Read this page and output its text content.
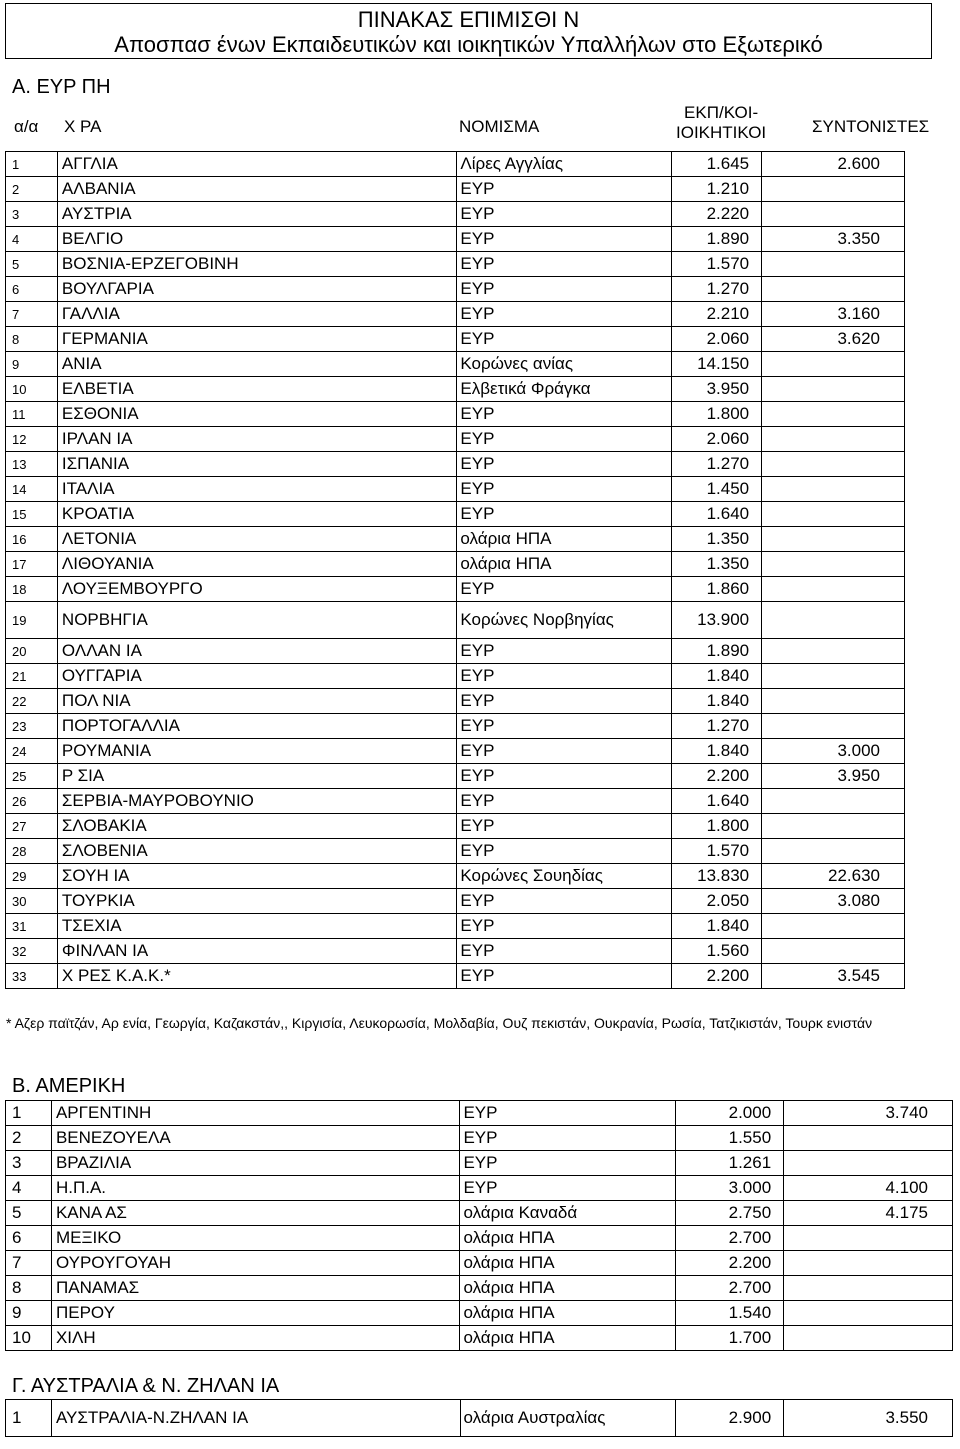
ΠΙΝΑΚΑΣ ΕΠΙΜΙΣΘΙ Ν
Αποσπασ ένων Εκπαιδευτικών και ιοικητικών Υπαλλήλων στο Εξωτερικό
Α. ΕΥΡ ΠΗ
α/α Χ ΡΑ	ΝΟΜΙΣΜΑ
ΕΚΠ/ΚΟΙ-
ΙΟΙΚΗΤΙΚΟΙ	ΣΥΝΤΟΝΙΣΤΕΣ
1	ΑΓΓΛΙΑ	Λίρες Αγγλίας	1.645	2.600
2	ΑΛΒΑΝΙΑ	ΕΥΡ	1.210	
3	ΑΥΣΤΡΙΑ	ΕΥΡ	2.220	
4	ΒΕΛΓΙΟ	ΕΥΡ	1.890	3.350
5	ΒΟΣΝΙΑ-ΕΡΖΕΓΟΒΙΝΗ	ΕΥΡ	1.570	
6	ΒΟΥΛΓΑΡΙΑ	ΕΥΡ	1.270	
7	ΓΑΛΛΙΑ	ΕΥΡ	2.210	3.160
8	ΓΕΡΜΑΝΙΑ	ΕΥΡ	2.060	3.620
9	ΑΝΙΑ	Κορώνες ανίας	14.150	
10	ΕΛΒΕΤΙΑ	Ελβετικά Φράγκα	3.950	
11	ΕΣΘΟΝΙΑ	ΕΥΡ	1.800	
12	ΙΡΛΑΝ ΙΑ	ΕΥΡ	2.060	
13	ΙΣΠΑΝΙΑ	ΕΥΡ	1.270	
14	ΙΤΑΛΙΑ	ΕΥΡ	1.450	
15	ΚΡΟΑΤΙΑ	ΕΥΡ	1.640	
16	ΛΕΤΟΝΙΑ	ολάρια ΗΠΑ	1.350	
17	ΛΙΘΟΥΑΝΙΑ	ολάρια ΗΠΑ	1.350	
18	ΛΟΥΞΕΜΒΟΥΡΓΟ	ΕΥΡ	1.860	
19	ΝΟΡΒΗΓΙΑ	Κορώνες Νορβηγίας	13.900	
20	ΟΛΛΑΝ ΙΑ	ΕΥΡ	1.890	
21	ΟΥΓΓΑΡΙΑ	ΕΥΡ	1.840	
22	ΠΟΛ ΝΙΑ	ΕΥΡ	1.840	
23	ΠΟΡΤΟΓΑΛΛΙΑ	ΕΥΡ	1.270	
24	ΡΟΥΜΑΝΙΑ	ΕΥΡ	1.840	3.000
25	Ρ ΣΙΑ	ΕΥΡ	2.200	3.950
26	ΣΕΡΒΙΑ-ΜΑΥΡΟΒΟΥΝΙΟ	ΕΥΡ	1.640	
27	ΣΛΟΒΑΚΙΑ	ΕΥΡ	1.800	
28	ΣΛΟΒΕΝΙΑ	ΕΥΡ	1.570	
29	ΣΟΥΗ ΙΑ	Κορώνες Σουηδίας	13.830	22.630
30	ΤΟΥΡΚΙΑ	ΕΥΡ	2.050	3.080
31	ΤΣΕΧΙΑ	ΕΥΡ	1.840	
32	ΦΙΝΛΑΝ ΙΑ	ΕΥΡ	1.560	
33	Χ ΡΕΣ Κ.Α.Κ.*	ΕΥΡ	2.200	3.545
* Αζερ παϊτζάν, Αρ ενία, Γεωργία, Καζακστάν,, Κιργισία, Λευκορωσία, Μολδαβία, Ουζ πεκιστάν, Ουκρανία, Ρωσία, Τατζικιστάν, Τουρκ ενιστάν
Β. ΑΜΕΡΙΚΗ
1	ΑΡΓΕΝΤΙΝΗ	ΕΥΡ	2.000	3.740
2	ΒΕΝΕΖΟΥΕΛΑ	ΕΥΡ	1.550	
3	ΒΡΑΖΙΛΙΑ	ΕΥΡ	1.261	
4	Η.Π.Α.	ΕΥΡ	3.000	4.100
5	ΚΑΝΑ ΑΣ	ολάρια Καναδά	2.750	4.175
6	ΜΕΞΙΚΟ	ολάρια ΗΠΑ	2.700	
7	ΟΥΡΟΥΓΟΥΑΗ	ολάρια ΗΠΑ	2.200	
8	ΠΑΝΑΜΑΣ	ολάρια ΗΠΑ	2.700	
9	ΠΕΡΟΥ	ολάρια ΗΠΑ	1.540	
10	ΧΙΛΗ	ολάρια ΗΠΑ	1.700	
Γ. ΑΥΣΤΡΑΛΙΑ & Ν. ΖΗΛΑΝ ΙΑ
1	ΑΥΣΤΡΑΛΙΑ-Ν.ΖΗΛΑΝ ΙΑ	ολάρια Αυστραλίας	2.900	3.550
